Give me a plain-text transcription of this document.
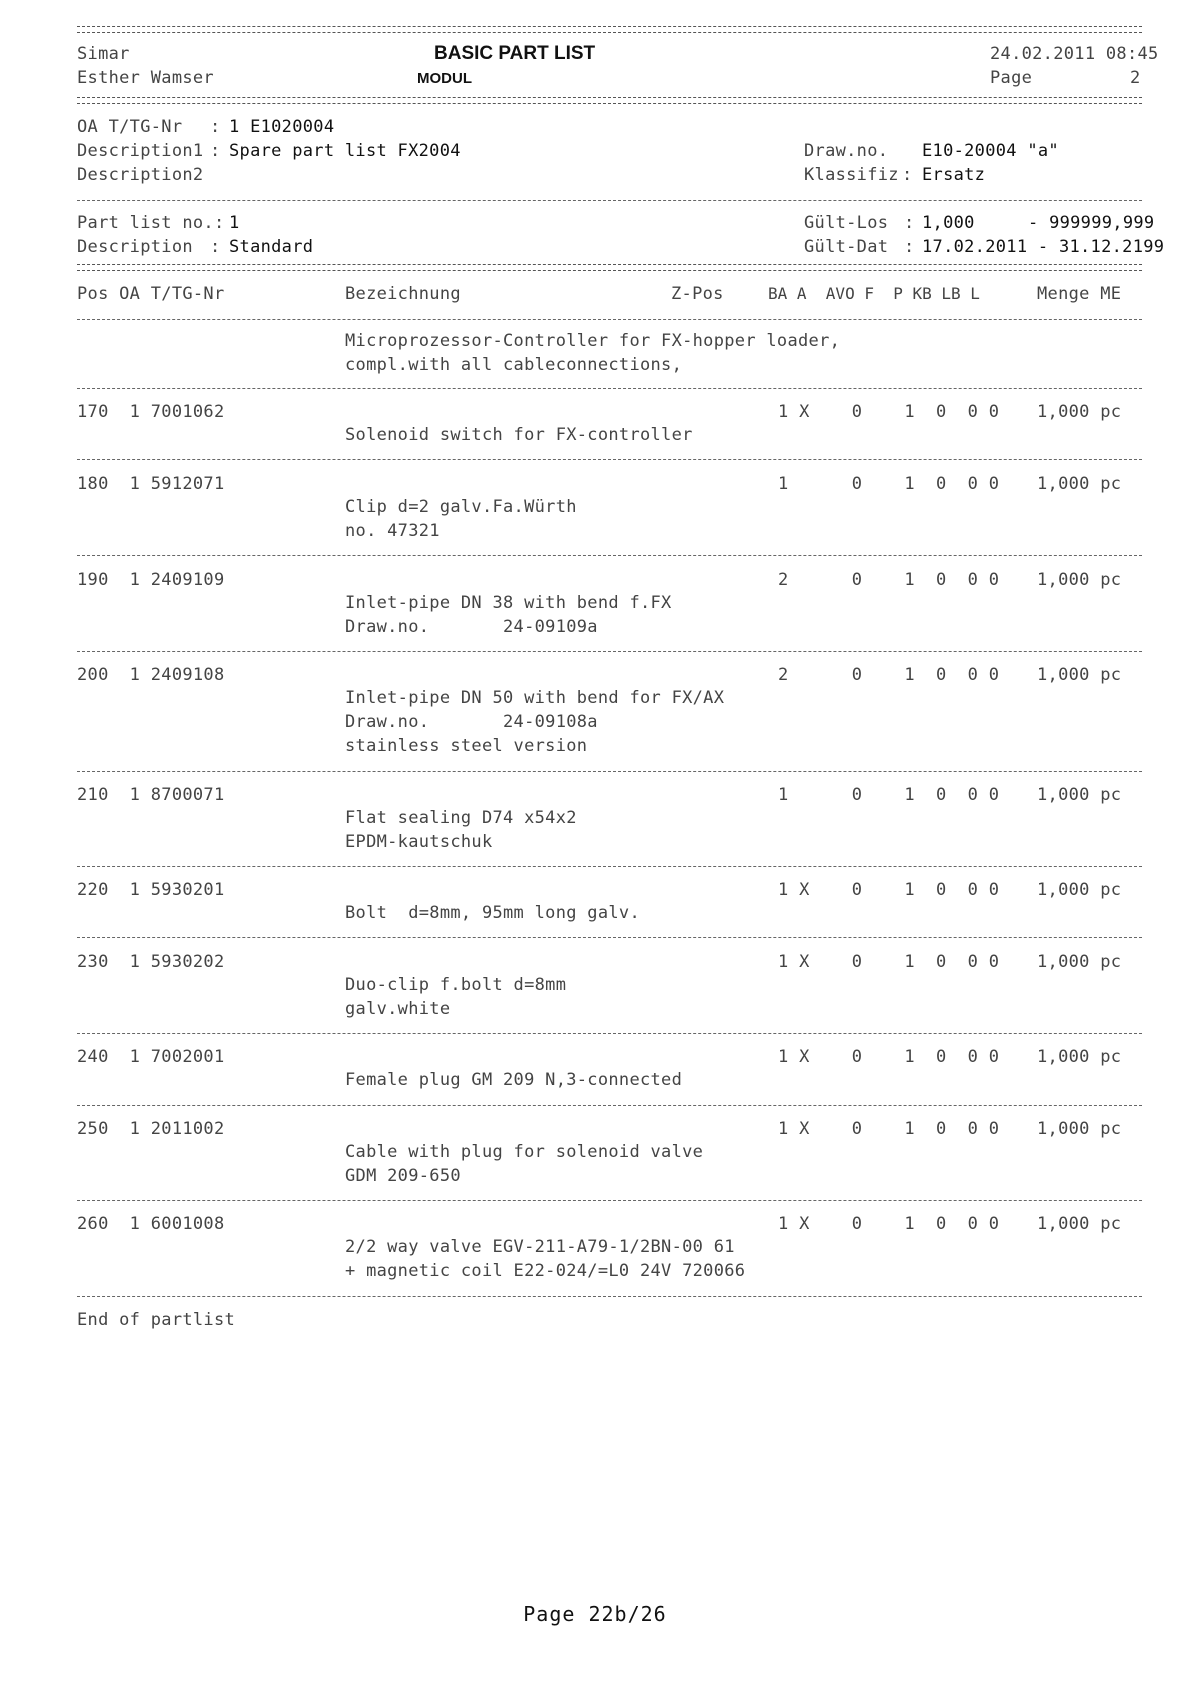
Simar
Esther Wamser
BASIC PART LIST
MODUL
24.02.2011 08:45
Page	2
OA T/TG-Nr : 1 E1020004
Description1 : Spare part list FX2004
Description2
Draw.no. E10-20004 "a"
Klassifiz : Ersatz
Part list no.: 1
Description : Standard
Gült-Los : 1,000	- 999999,999
Gült-Dat : 17.02.2011 - 31.12.2199
Pos OA T/TG-Nr	Bezeichnung	Z-Pos	BA A  AVO F  P KB LB L	Menge ME
Microprozessor-Controller for FX-hopper loader,
compl.with all cableconnections,
170  1 7001062	1 X    0    1  0  0 0 1,000 pc
Solenoid switch for FX-controller
180  1 5912071	1      0    1  0  0 0 1,000 pc
Clip d=2 galv.Fa.Würth
no. 47321
190  1 2409109	2      0    1  0  0 0 1,000 pc
Inlet-pipe DN 38 with bend f.FX
Draw.no.       24-09109a
200  1 2409108	2      0    1  0  0 0 1,000 pc
Inlet-pipe DN 50 with bend for FX/AX
Draw.no.       24-09108a
stainless steel version
210  1 8700071	1      0    1  0  0 0 1,000 pc
Flat sealing D74 x54x2
EPDM-kautschuk
220  1 5930201	1 X    0    1  0  0 0 1,000 pc
Bolt  d=8mm, 95mm long galv.
230  1 5930202	1 X    0    1  0  0 0 1,000 pc
Duo-clip f.bolt d=8mm
galv.white
240  1 7002001	1 X    0    1  0  0 0 1,000 pc
Female plug GM 209 N,3-connected
250  1 2011002	1 X    0    1  0  0 0 1,000 pc
Cable with plug for solenoid valve
GDM 209-650
260  1 6001008	1 X    0    1  0  0 0 1,000 pc
2/2 way valve EGV-211-A79-1/2BN-00 61
+ magnetic coil E22-024/=L0 24V 720066
End of partlist
Page 22b/26
